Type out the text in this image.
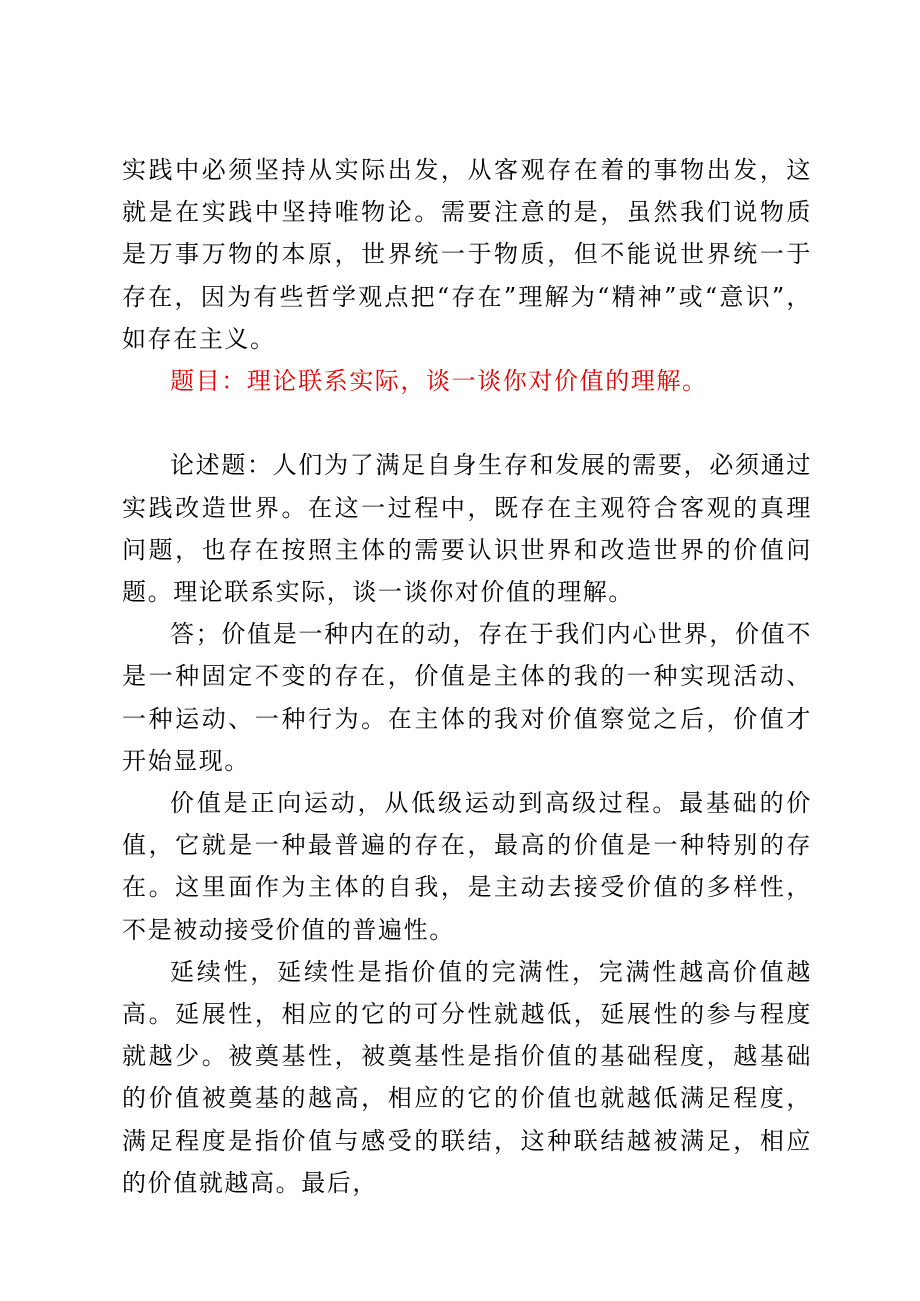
实践中必须坚持从实际出发，从客观存在着的事物出发，这就是在实践中坚持唯物论。需要注意的是，虽然我们说物质是万事万物的本原，世界统一于物质，但不能说世界统一于存在，因为有些哲学观点把“存在”理解为“精神”或“意识”，如存在主义。

题目：理论联系实际，谈一谈你对价值的理解。

论述题：人们为了满足自身生存和发展的需要，必须通过实践改造世界。在这一过程中，既存在主观符合客观的真理问题，也存在按照主体的需要认识世界和改造世界的价值问题。理论联系实际，谈一谈你对价值的理解。

答；价值是一种内在的动，存在于我们内心世界，价值不是一种固定不变的存在，价值是主体的我的一种实现活动、一种运动、一种行为。在主体的我对价值察觉之后，价值才开始显现。

价值是正向运动，从低级运动到高级过程。最基础的价值，它就是一种最普遍的存在，最高的价值是一种特别的存在。这里面作为主体的自我，是主动去接受价值的多样性，不是被动接受价值的普遍性。

延续性，延续性是指价值的完满性，完满性越高价值越高。延展性，相应的它的可分性就越低，延展性的参与程度就越少。被奠基性，被奠基性是指价值的基础程度，越基础的价值被奠基的越高，相应的它的价值也就越低满足程度，满足程度是指价值与感受的联结，这种联结越被满足，相应的价值就越高。最后，
